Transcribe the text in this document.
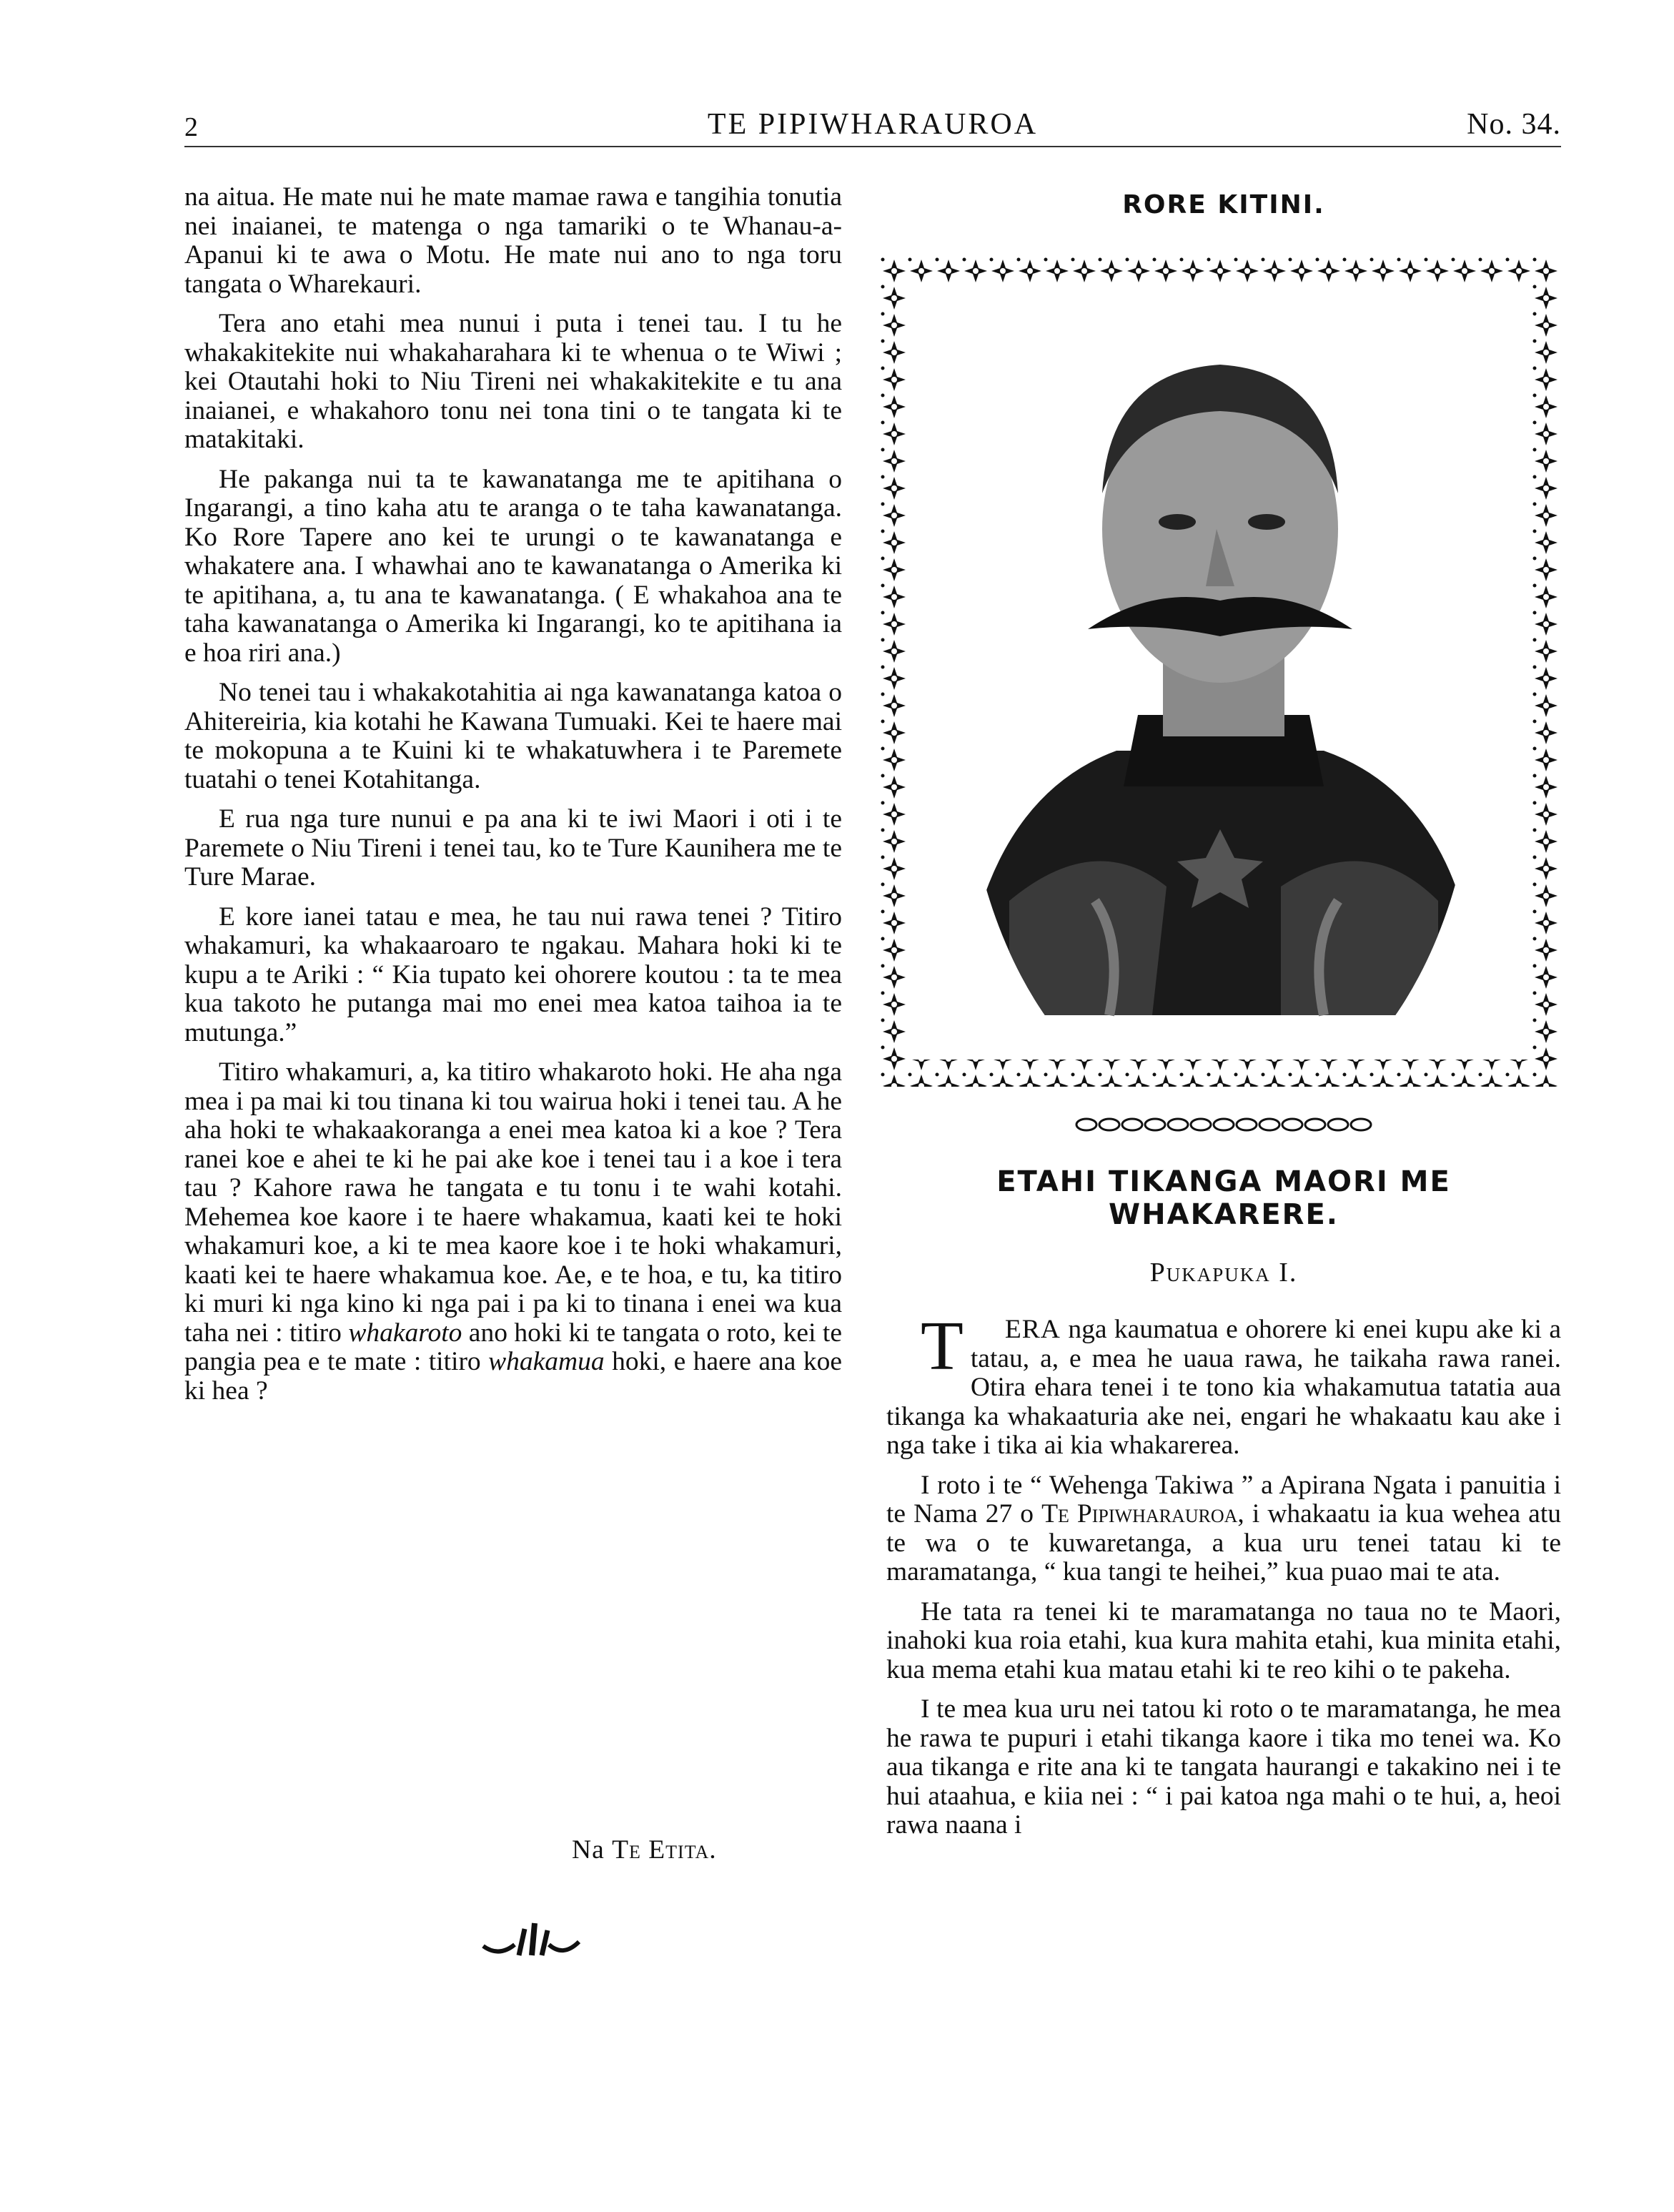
2	TE PIPIWHARAUROA	No. 34.

na aitua. He mate nui he mate mamae rawa e tangihia tonutia nei inaianei, te matenga o nga tamariki o te Whanau-a-Apanui ki te awa o Motu. He mate nui ano to nga toru tangata o Wharekauri.

Tera ano etahi mea nunui i puta i tenei tau. I tu he whakakitekite nui whakaharahara ki te whenua o te Wiwi ; kei Otautahi hoki to Niu Tireni nei whakakitekite e tu ana inaianei, e whakahoro tonu nei tona tini o te tangata ki te matakitaki.

He pakanga nui ta te kawanatanga me te apitihana o Ingarangi, a tino kaha atu te aranga o te taha kawanatanga. Ko Rore Tapere ano kei te urungi o te kawanatanga e whakatere ana. I whawhai ano te kawanatanga o Amerika ki te apitihana, a, tu ana te kawanatanga. ( E whakahoa ana te taha kawanatanga o Amerika ki Ingarangi, ko te apitihana ia e hoa riri ana.)

No tenei tau i whakakotahitia ai nga kawanatanga katoa o Ahitereiria, kia kotahi he Kawana Tumuaki. Kei te haere mai te mokopuna a te Kuini ki te whakatuwhera i te Paremete tuatahi o tenei Kotahitanga.

E rua nga ture nunui e pa ana ki te iwi Maori i oti i te Paremete o Niu Tireni i tenei tau, ko te Ture Kaunihera me te Ture Marae.

E kore ianei tatau e mea, he tau nui rawa tenei ? Titiro whakamuri, ka whakaaroaro te ngakau. Mahara hoki ki te kupu a te Ariki : “ Kia tupato kei ohorere koutou : ta te mea kua takoto he putanga mai mo enei mea katoa taihoa ia te mutunga.”

Titiro whakamuri, a, ka titiro whakaroto hoki. He aha nga mea i pa mai ki tou tinana ki tou wairua hoki i tenei tau. A he aha hoki te whakaakoranga a enei mea katoa ki a koe ? Tera ranei koe e ahei te ki he pai ake koe i tenei tau i a koe i tera tau ? Kahore rawa he tangata e tu tonu i te wahi kotahi. Mehemea koe kaore i te haere whakamua, kaati kei te hoki whakamuri koe, a ki te mea kaore koe i te hoki whakamuri, kaati kei te haere whakamua koe. Ae, e te hoa, e tu, ka titiro ki muri ki nga kino ki nga pai i pa ki to tinana i enei wa kua taha nei : titiro whakaroto ano hoki ki te tangata o roto, kei te pangia pea e te mate : titiro whakamua hoki, e haere ana koe ki hea ?

Na Te Etita.
RORE KITINI.
ETAHI TIKANGA MAORI ME
WHAKARERE.
Pukapuka I.

T ERA nga kaumatua e ohorere ki enei kupu ake ki a tatau, a, e mea he uaua rawa, he taikaha rawa ranei. Otira ehara tenei i te tono kia whakamutua tatatia aua tikanga ka whakaaturia ake nei, engari he whakaatu kau ake i nga take i tika ai kia whakarerea.

I roto i te “ Wehenga Takiwa ” a Apirana Ngata i panuitia i te Nama 27 o Te Pipiwharauroa, i whakaatu ia kua wehea atu te wa o te kuwaretanga, a kua uru tenei tatau ki te maramatanga, “ kua tangi te heihei,” kua puao mai te ata.

He tata ra tenei ki te maramatanga no taua no te Maori, inahoki kua roia etahi, kua kura mahita etahi, kua minita etahi, kua mema etahi kua matau etahi ki te reo kihi o te pakeha.

I te mea kua uru nei tatou ki roto o te maramatanga, he mea he rawa te pupuri i etahi tikanga kaore i tika mo tenei wa. Ko aua tikanga e rite ana ki te tangata haurangi e takakino nei i te hui ataahua, e kiia nei : “ i pai katoa nga mahi o te hui, a, heoi rawa naana i
